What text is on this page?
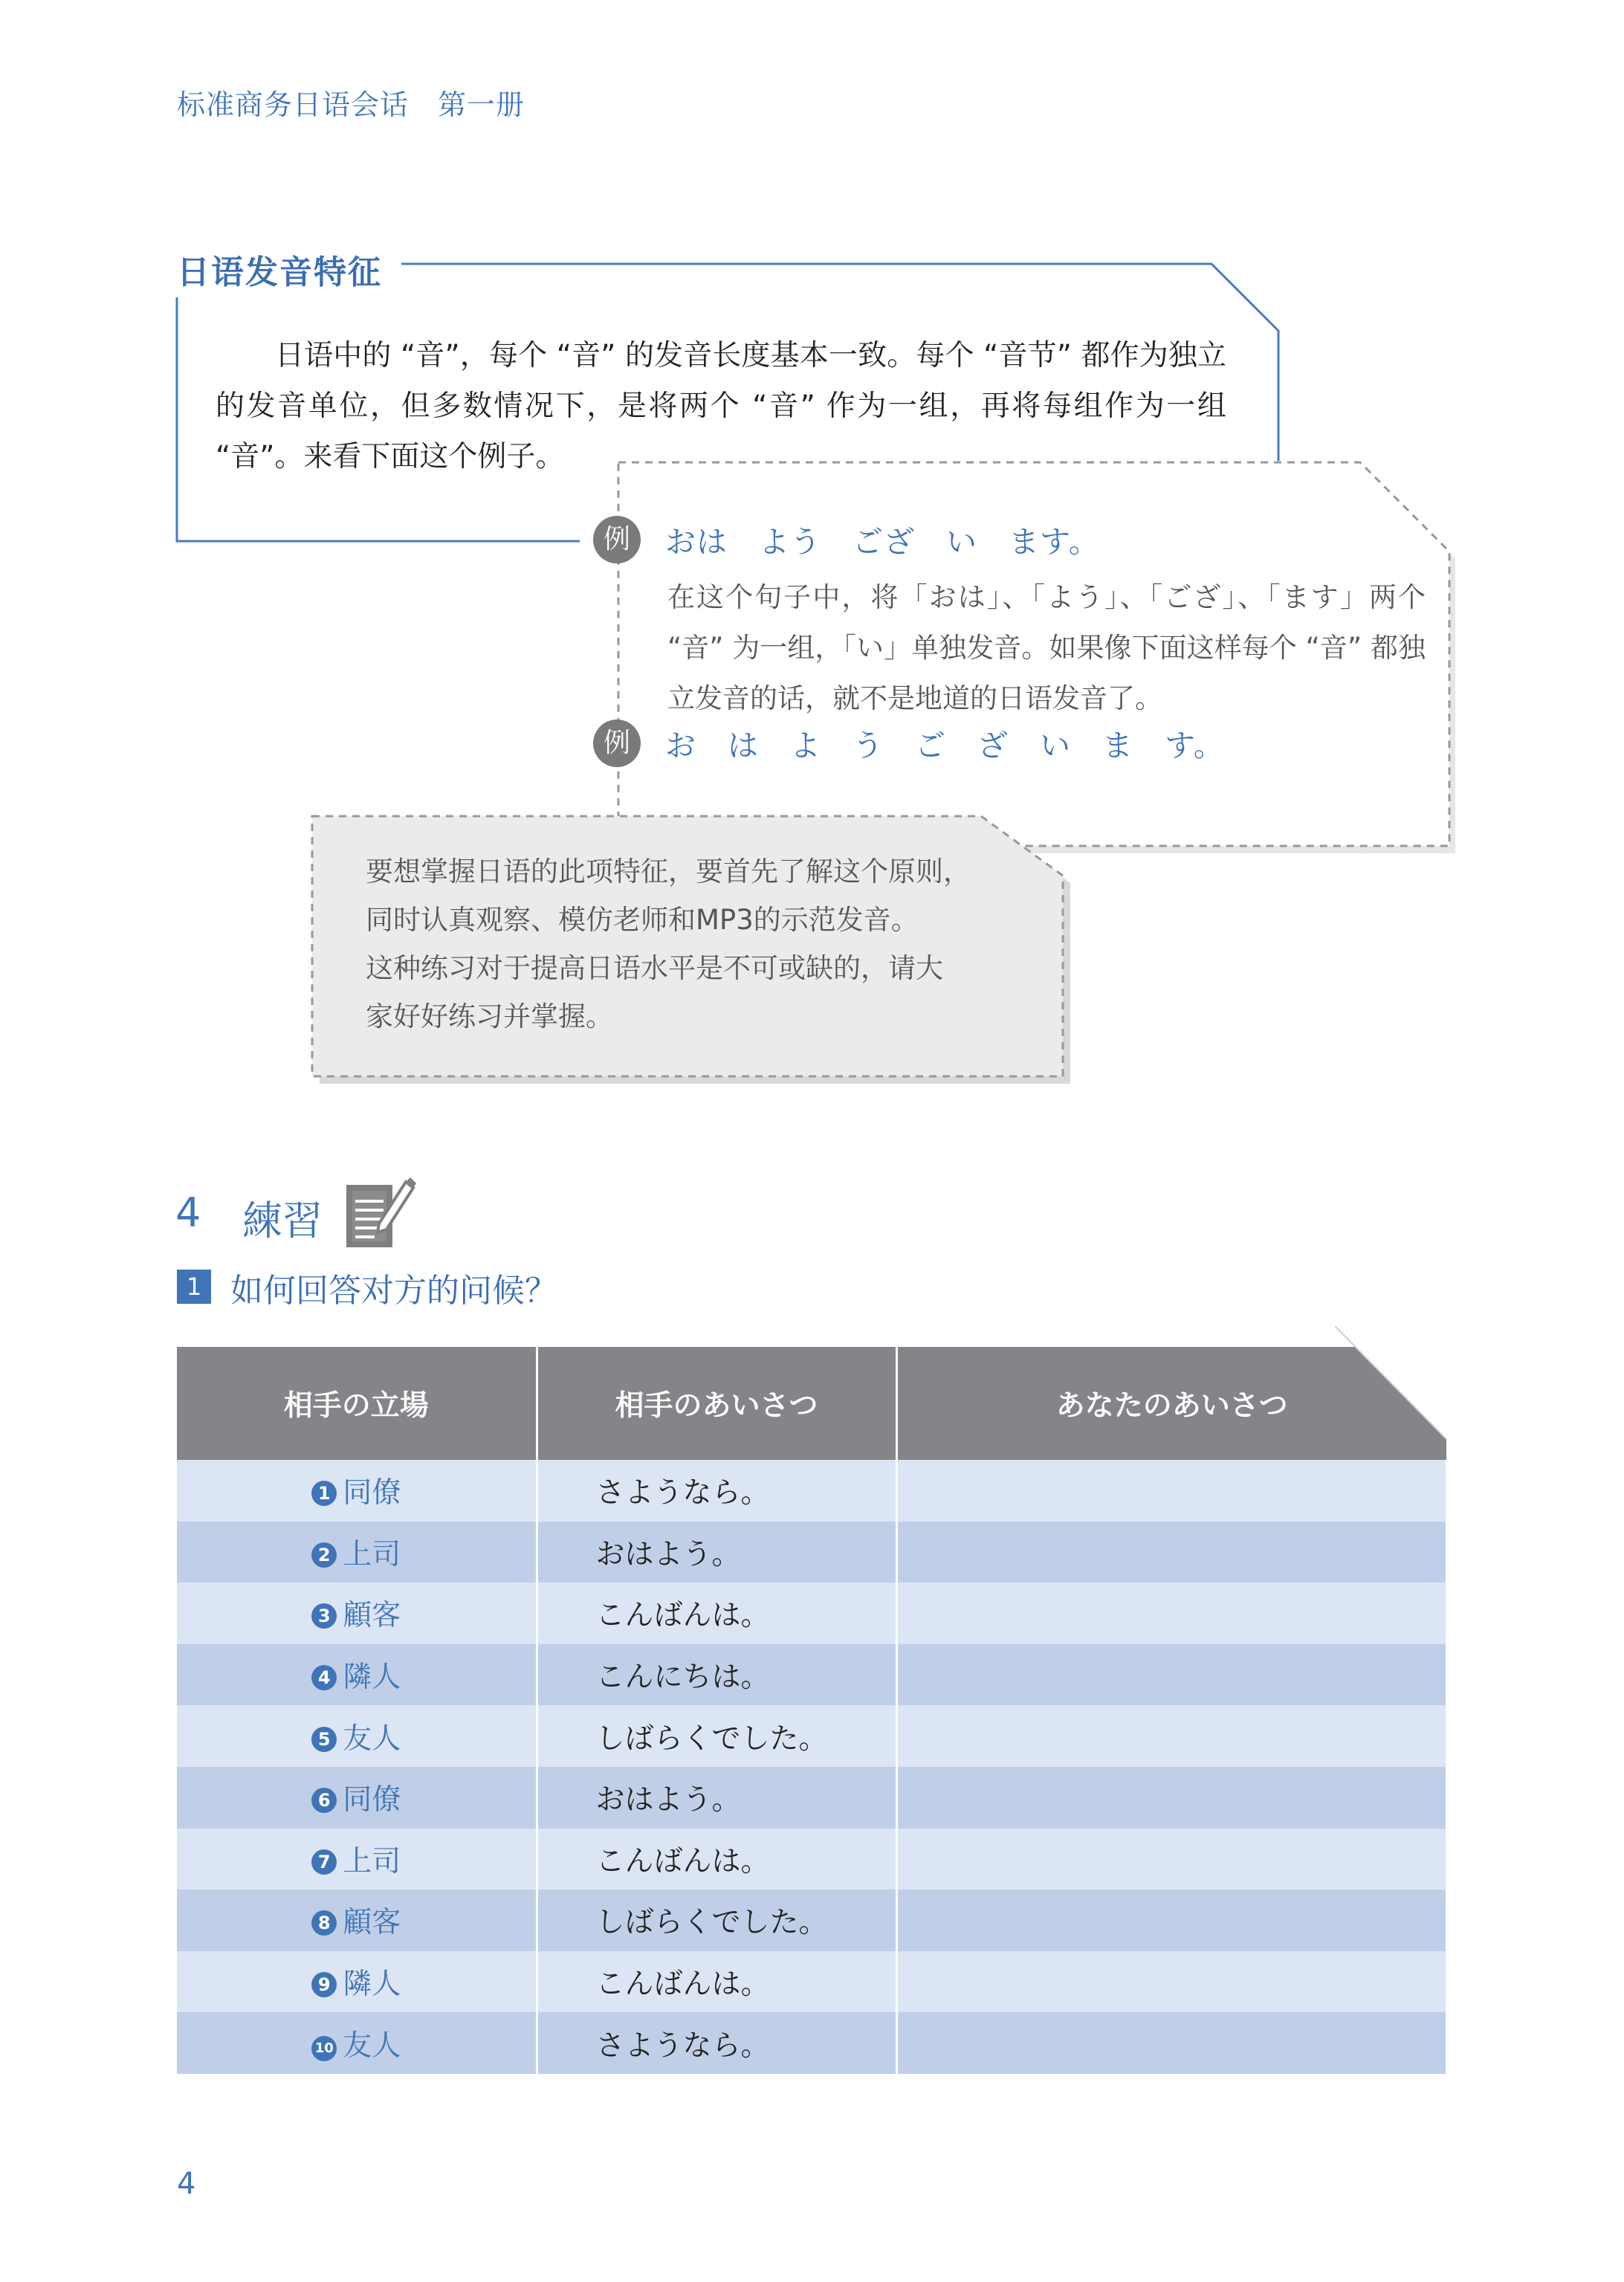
标准商务日语会话　第一册
日语发音特征
日语中的 “音”，每个 “音” 的发音长度基本一致。每个 “音节” 都作为独立的发音单位，但多数情况下，是将两个 “音” 作为一组，再将每组作为一组 “音”。来看下面这个例子。
例	おは　よう　ござ　い　ます。
在这个句子中，将「おは」、「よう」、「ござ」、「ます」两个 “音” 为一组，「い」单独发音。如果像下面这样每个 “音” 都独立发音的话，就不是地道的日语发音了。
例	お　は　よ　う　ご　ざ　い　ま　す。
要想掌握日语的此项特征，要首先了解这个原则，
同时认真观察、模仿老师和MP3的示范发音。
这种练习对于提高日语水平是不可或缺的，请大
家好好练习并掌握。
4 練習
1 如何回答对方的问候？
相手の立場	相手のあいさつ	あなたのあいさつ

1 同僚	さようなら。	
2 上司	おはよう。	
3 顧客	こんばんは。	
4 隣人	こんにちは。	
5 友人	しばらくでした。	
6 同僚	おはよう。	
7 上司	こんばんは。	
8 顧客	しばらくでした。	
9 隣人	こんばんは。	
10 友人	さようなら。	
4
